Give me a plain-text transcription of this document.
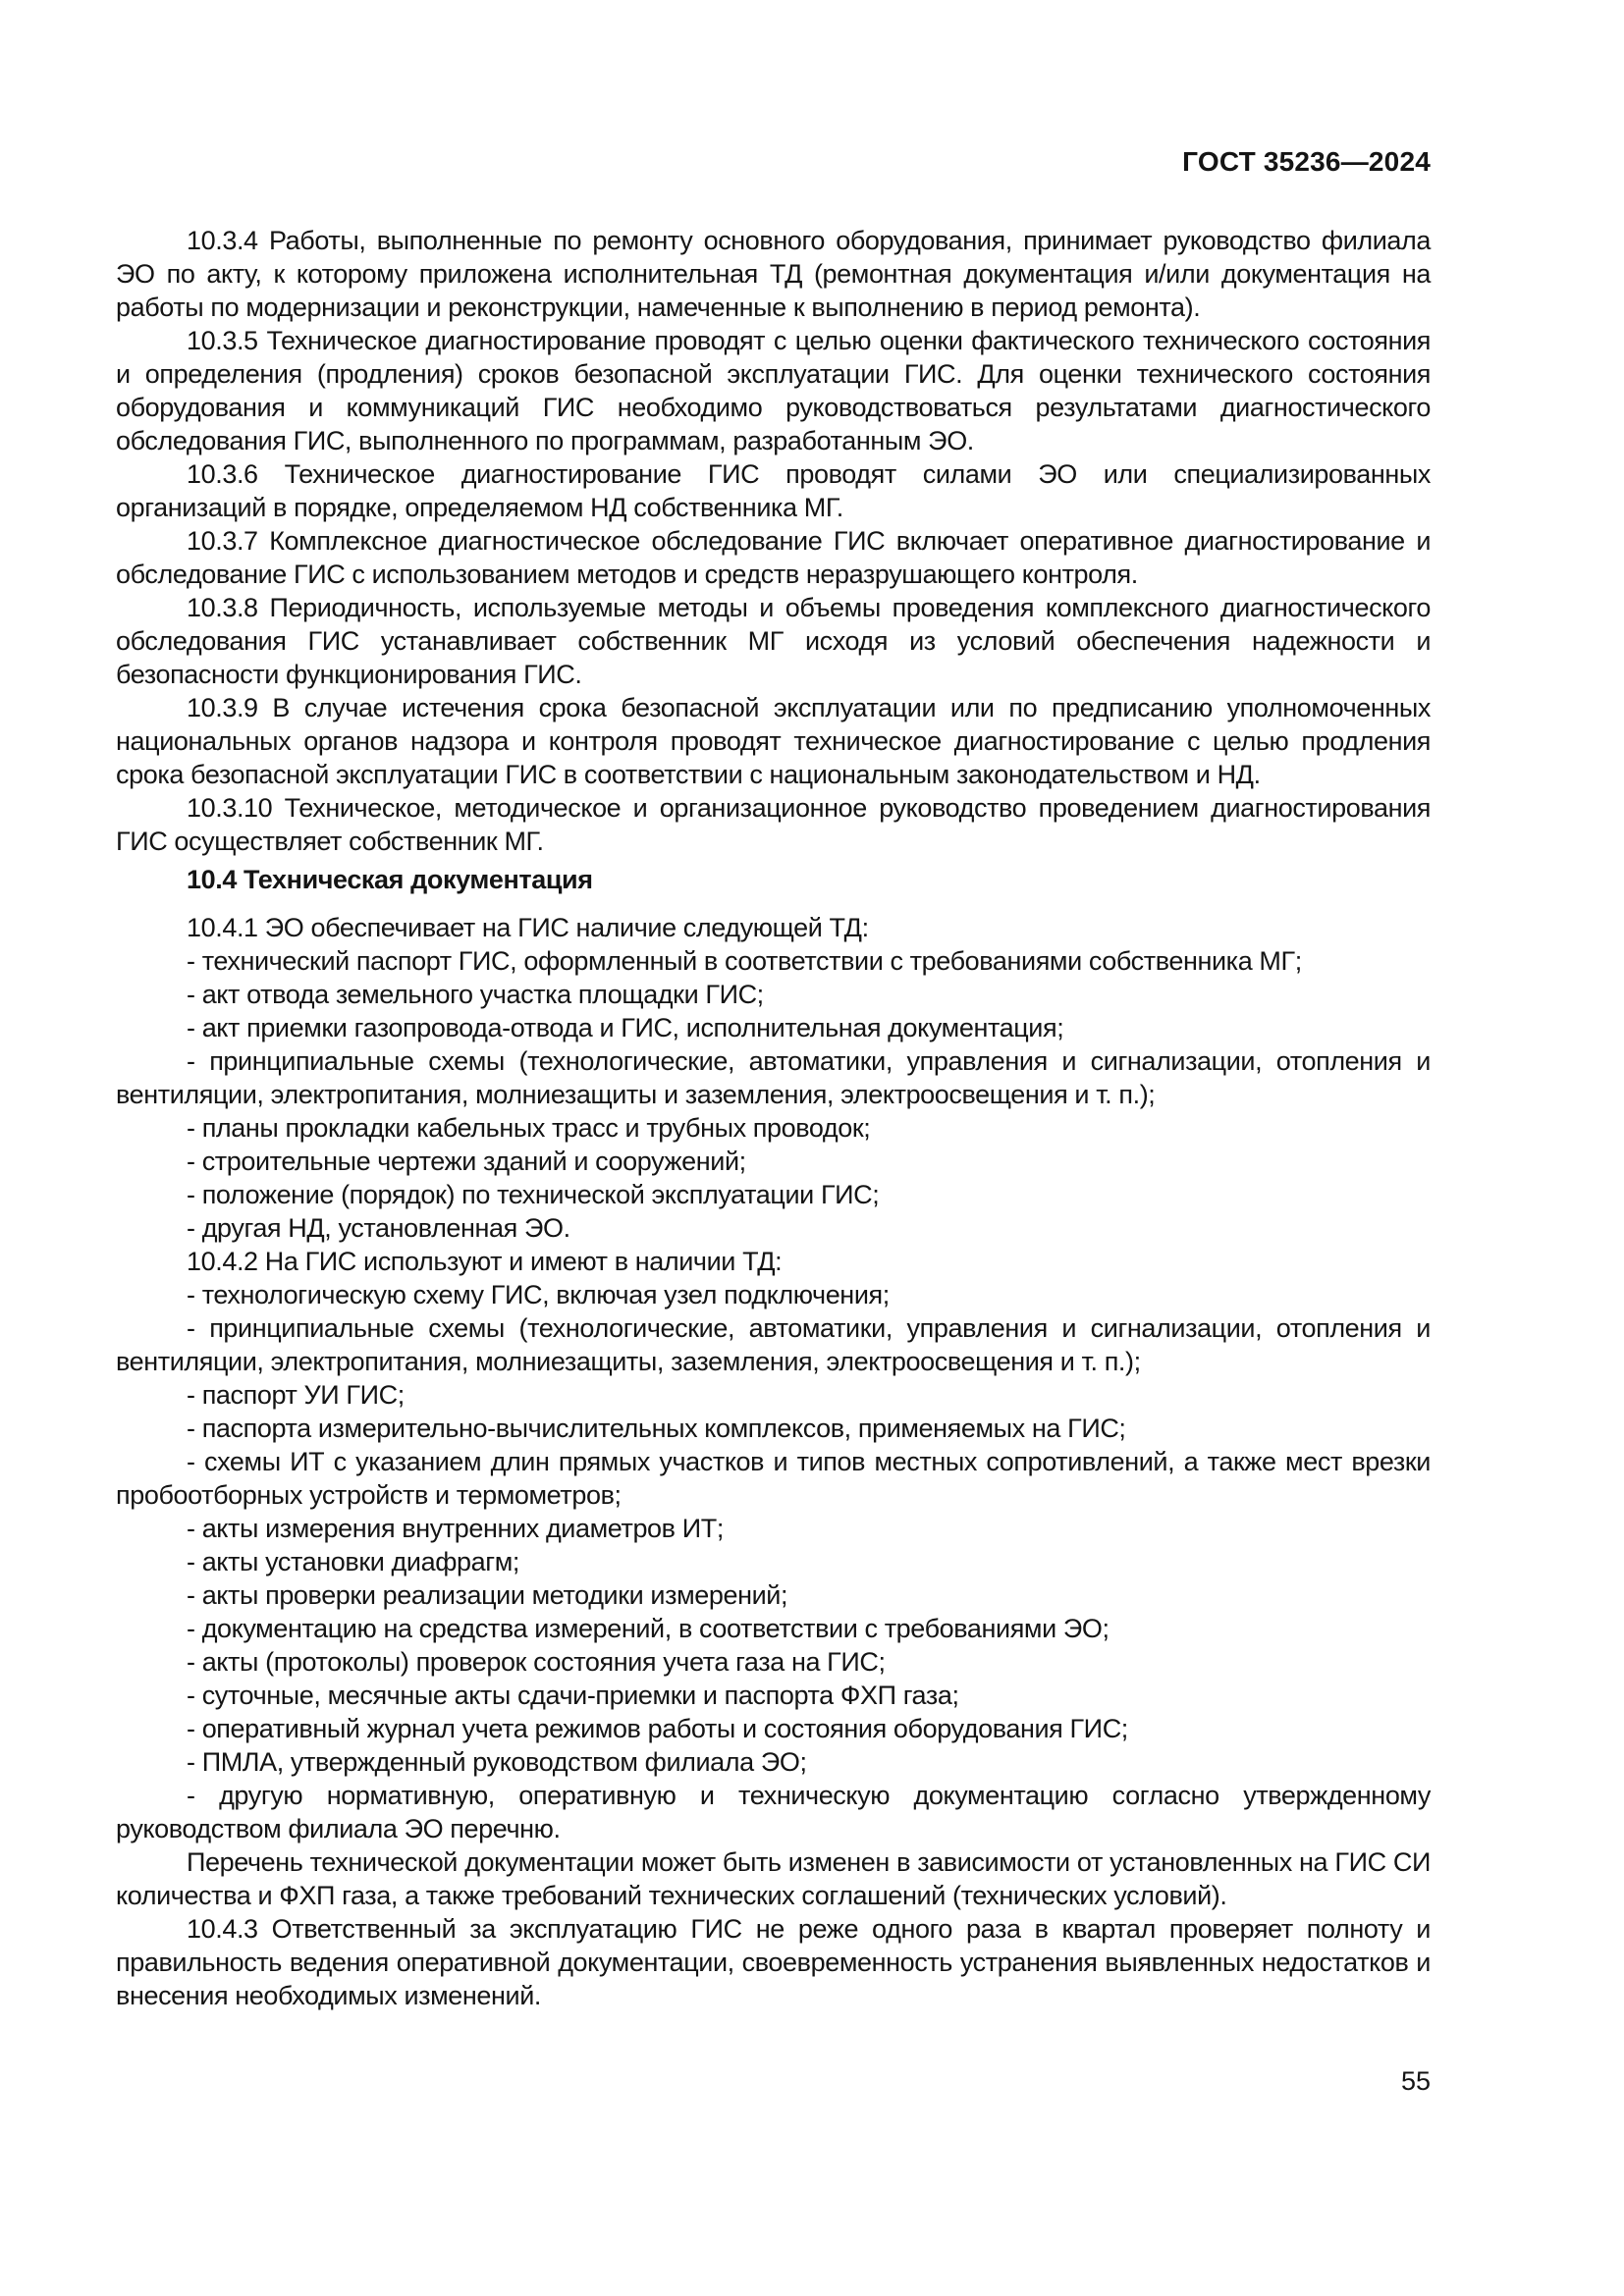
ГОСТ 35236—2024

10.3.4 Работы, выполненные по ремонту основного оборудования, принимает руководство филиала ЭО по акту, к которому приложена исполнительная ТД (ремонтная документация и/или документация на работы по модернизации и реконструкции, намеченные к выполнению в период ремонта).

10.3.5 Техническое диагностирование проводят с целью оценки фактического технического состояния и определения (продления) сроков безопасной эксплуатации ГИС. Для оценки технического состояния оборудования и коммуникаций ГИС необходимо руководствоваться результатами диагностического обследования ГИС, выполненного по программам, разработанным ЭО.

10.3.6 Техническое диагностирование ГИС проводят силами ЭО или специализированных организаций в порядке, определяемом НД собственника МГ.

10.3.7 Комплексное диагностическое обследование ГИС включает оперативное диагностирование и обследование ГИС с использованием методов и средств неразрушающего контроля.

10.3.8 Периодичность, используемые методы и объемы проведения комплексного диагностического обследования ГИС устанавливает собственник МГ исходя из условий обеспечения надежности и безопасности функционирования ГИС.

10.3.9 В случае истечения срока безопасной эксплуатации или по предписанию уполномоченных национальных органов надзора и контроля проводят техническое диагностирование с целью продления срока безопасной эксплуатации ГИС в соответствии с национальным законодательством и НД.

10.3.10 Техническое, методическое и организационное руководство проведением диагностирования ГИС осуществляет собственник МГ.

10.4 Техническая документация

10.4.1 ЭО обеспечивает на ГИС наличие следующей ТД:

- технический паспорт ГИС, оформленный в соответствии с требованиями собственника МГ;

- акт отвода земельного участка площадки ГИС;

- акт приемки газопровода-отвода и ГИС, исполнительная документация;

- принципиальные схемы (технологические, автоматики, управления и сигнализации, отопления и вентиляции, электропитания, молниезащиты и заземления, электроосвещения и т. п.);

- планы прокладки кабельных трасс и трубных проводок;

- строительные чертежи зданий и сооружений;

- положение (порядок) по технической эксплуатации ГИС;

- другая НД, установленная ЭО.

10.4.2 На ГИС используют и имеют в наличии ТД:

- технологическую схему ГИС, включая узел подключения;

- принципиальные схемы (технологические, автоматики, управления и сигнализации, отопления и вентиляции, электропитания, молниезащиты, заземления, электроосвещения и т. п.);

- паспорт УИ ГИС;

- паспорта измерительно-вычислительных комплексов, применяемых на ГИС;

- схемы ИТ с указанием длин прямых участков и типов местных сопротивлений, а также мест врезки пробоотборных устройств и термометров;

- акты измерения внутренних диаметров ИТ;

- акты установки диафрагм;

- акты проверки реализации методики измерений;

- документацию на средства измерений, в соответствии с требованиями ЭО;

- акты (протоколы) проверок состояния учета газа на ГИС;

- суточные, месячные акты сдачи-приемки и паспорта ФХП газа;

- оперативный журнал учета режимов работы и состояния оборудования ГИС;

- ПМЛА, утвержденный руководством филиала ЭО;

- другую нормативную, оперативную и техническую документацию согласно утвержденному руководством филиала ЭО перечню.

Перечень технической документации может быть изменен в зависимости от установленных на ГИС СИ количества и ФХП газа, а также требований технических соглашений (технических условий).

10.4.3 Ответственный за эксплуатацию ГИС не реже одного раза в квартал проверяет полноту и правильность ведения оперативной документации, своевременность устранения выявленных недостатков и внесения необходимых изменений.

55
